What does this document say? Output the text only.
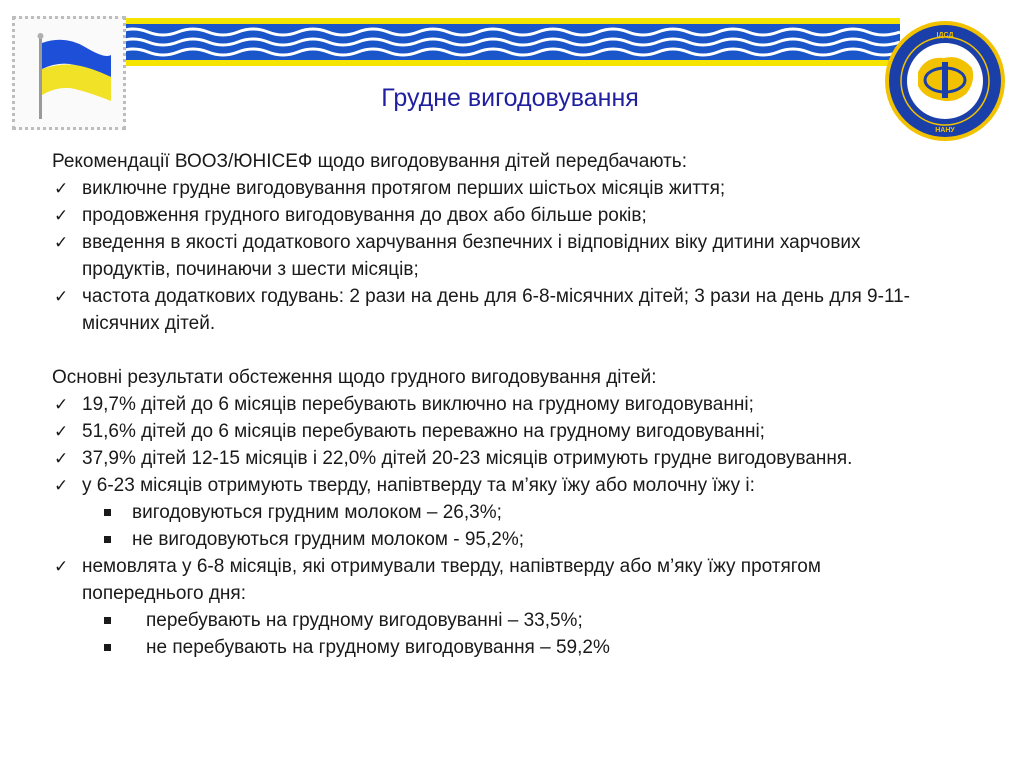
ІДСД
НАНУ
Грудне вигодовування

Рекомендації ВООЗ/ЮНІСЕФ щодо вигодовування дітей передбачають:

✓ виключне грудне вигодовування протягом перших шістьох місяців життя;
✓ продовження грудного вигодовування до двох або більше років;
✓ введення в якості додаткового харчування безпечних і відповідних віку дитини харчових продуктів, починаючи з шести місяців;
✓ частота додаткових годувань: 2 рази на день для 6-8-місячних дітей; 3 рази на день для 9-11-місячних дітей.

Основні результати обстеження щодо грудного вигодовування дітей:

✓ 19,7% дітей до 6 місяців перебувають виключно на грудному вигодовуванні;
✓ 51,6% дітей до 6 місяців перебувають переважно на грудному вигодовуванні;
✓ 37,9% дітей 12-15 місяців і 22,0% дітей 20-23 місяців отримують грудне вигодовування.
✓ у 6-23 місяців отримують тверду, напівтверду та м’яку їжу або молочну їжу і:
вигодовуються грудним молоком – 26,3%;
не вигодовуються грудним молоком - 95,2%;
✓ немовлята у 6-8 місяців, які отримували тверду, напівтверду або м’яку їжу протягом попереднього дня:
перебувають на грудному вигодовуванні – 33,5%;
не перебувають на грудному вигодовування – 59,2%
